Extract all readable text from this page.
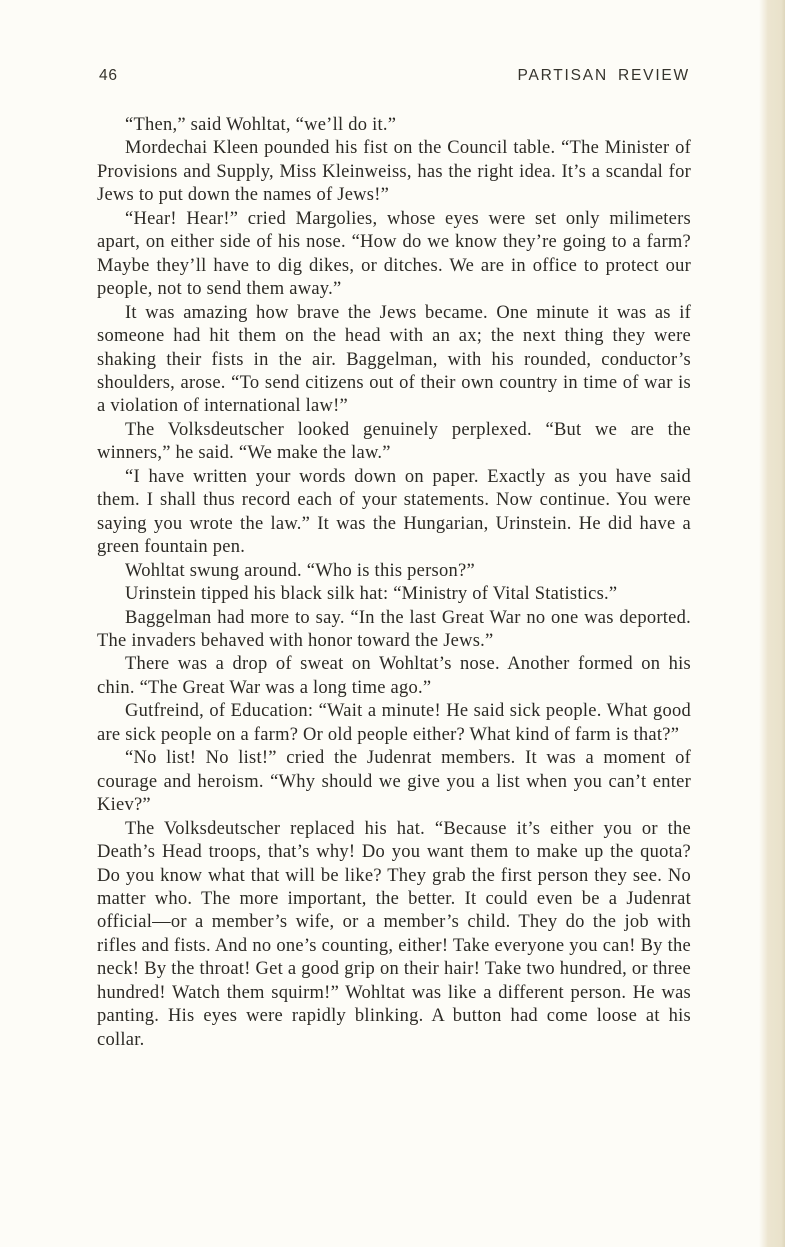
46	PARTISAN REVIEW

“Then,” said Wohltat, “we’ll do it.”

Mordechai Kleen pounded his fist on the Council table. “The Minister of Provisions and Supply, Miss Kleinweiss, has the right idea. It’s a scandal for Jews to put down the names of Jews!”

“Hear! Hear!” cried Margolies, whose eyes were set only milimeters apart, on either side of his nose. “How do we know they’re going to a farm? Maybe they’ll have to dig dikes, or ditches. We are in office to protect our people, not to send them away.”

It was amazing how brave the Jews became. One minute it was as if someone had hit them on the head with an ax; the next thing they were shaking their fists in the air. Baggelman, with his rounded, conductor’s shoulders, arose. “To send citizens out of their own country in time of war is a violation of international law!”

The Volksdeutscher looked genuinely perplexed. “But we are the winners,” he said. “We make the law.”

“I have written your words down on paper. Exactly as you have said them. I shall thus record each of your statements. Now continue. You were saying you wrote the law.” It was the Hungarian, Urinstein. He did have a green fountain pen.

Wohltat swung around. “Who is this person?”

Urinstein tipped his black silk hat: “Ministry of Vital Statistics.”

Baggelman had more to say. “In the last Great War no one was deported. The invaders behaved with honor toward the Jews.”

There was a drop of sweat on Wohltat’s nose. Another formed on his chin. “The Great War was a long time ago.”

Gutfreind, of Education: “Wait a minute! He said sick people. What good are sick people on a farm? Or old people either? What kind of farm is that?”

“No list! No list!” cried the Judenrat members. It was a moment of courage and heroism. “Why should we give you a list when you can’t enter Kiev?”

The Volksdeutscher replaced his hat. “Because it’s either you or the Death’s Head troops, that’s why! Do you want them to make up the quota? Do you know what that will be like? They grab the first person they see. No matter who. The more important, the better. It could even be a Judenrat official—or a member’s wife, or a member’s child. They do the job with rifles and fists. And no one’s counting, either! Take everyone you can! By the neck! By the throat! Get a good grip on their hair! Take two hundred, or three hundred! Watch them squirm!” Wohltat was like a different person. He was panting. His eyes were rapidly blinking. A button had come loose at his collar.
